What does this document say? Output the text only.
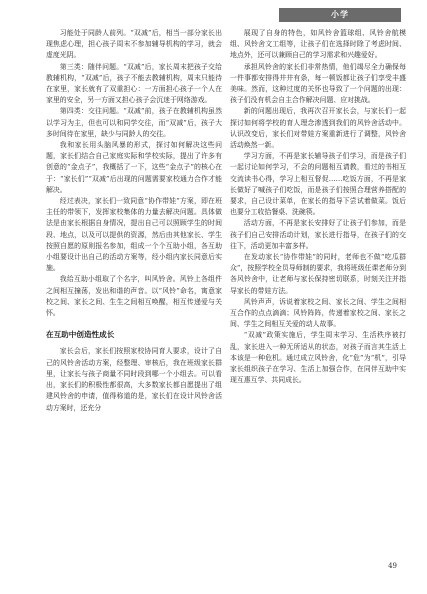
小学

习能处于同龄人前列。“双减”后，相当一部分家长出现焦虑心理，担心孩子周末不参加辅导机构的学习，就会虚度光阴。

第三类：随伴问题。“双减”后，家长周末把孩子交给教辅机构，“双减”后，孩子不能去教辅机构，周末只能待在家里，家长就有了双重担心：一方面担心孩子一个人在家里的安全，另一方面又担心孩子会沉迷于网络游戏。

第四类：交往问题。“双减”前，孩子在教辅机构虽然以学习为主，但也可以和同学交往，而“双减”后，孩子大多时间待在家里，缺少与同龄人的交往。

我和家长用头脑风暴的形式，探讨如何解决这些问题，家长们结合自己家庭实际和学校实际，提出了许多有创意的“金点子”，我概括了一下，这些“金点子”的核心在于：“家长们”“双减”后出现的问题需要家校通力合作才能解决。

经过表决，家长们一致同意“协作带娃”方案，即在班主任的带领下，发挥家校集体的力量去解决问题。具体做法是由家长根据自身情况，提出自己可以照顾学生的时间段、地点，以及可以提供的资源，然后由其他家长、学生按照自愿的原则报名参加，组成一个个互助小组，各互助小组要设计出自己的活动方案等，经小组内家长同意后实施。

我给互助小组取了个名字，叫风铃舍。风铃上各组件之间相互撞荡，发出和谐的声音。以“风铃”命名，寓意家校之间、家长之间、生生之间相互唤醒，相互传递爱与关怀。

在互助中创造性成长

家长会后，家长们按照家校协同育人要求，设计了自己的风铃舍活动方案，经整理、审核后，我在班级家长群里，让家长与孩子商量不同时段到哪一个小组去。可以看出，家长们的积极性都很高，大多数家长都自愿提出了组建风铃舍的申请，值得称道的是，家长们在设计风铃舍活动方案时，还充分

展现了自身的特色，如风铃舍篮球组、风铃舍航模组、风铃舍文工组等，让孩子们在选择时除了考虑时间、地点外，还可以兼顾自己的学习需求和兴趣爱好。

承担风铃舍的家长们非常热情，他们竭尽全力确保每一件事都安排得井井有条，每一顿饭都让孩子们享受丰盛美味。然而，这种过度的关怀也导致了一个问题的出现：孩子们没有机会自主合作解决问题、应对挑战。

新的问题出现后，我再次召开家长会，与家长们一起探讨如何将学校的育人理念渗透到我们的风铃舍活动中。认识改变后，家长们对带娃方案重新进行了调整，风铃舍活动焕然一新。

学习方面，不再是家长辅导孩子们学习，而是孩子们一起讨论如何学习，不会的问题相互请教，看过的书相互交流读书心得，学习上相互督促……吃饭方面，不再是家长做好了喊孩子们吃饭，而是孩子们按照合理营养搭配的要求，自己设计菜单，在家长的指导下尝试着做菜。饭后也要分工收拾餐桌、洗碗筷。

活动方面，不再是家长安排好了让孩子们参加，而是孩子们自己安排活动计划，家长进行指导，在孩子们的交往下，活动更加丰富多样。

在发动家长“协作带娃”的同时，老师也不做“吃瓜群众”，按照学校全员导师制的要求，我将班级任课老师分到各风铃舍中，让老师与家长保持密切联系，时刻关注并指导家长的带娃方法。

风铃声声，诉说着家校之间、家长之间、学生之间相互合作的点点滴滴；风铃阵阵，传递着家校之间、家长之间、学生之间相互关爱的动人故事。

“双减”政策实施后，学生周末学习、生活秩序被打乱，家长进入一种无所适从的状态，对孩子而言其生活上本该是一种危机。通过成立风铃舍，化“危”为“机”，引导家长组织孩子在学习、生活上加强合作，在同伴互助中实现互惠互学、共同成长。

49
